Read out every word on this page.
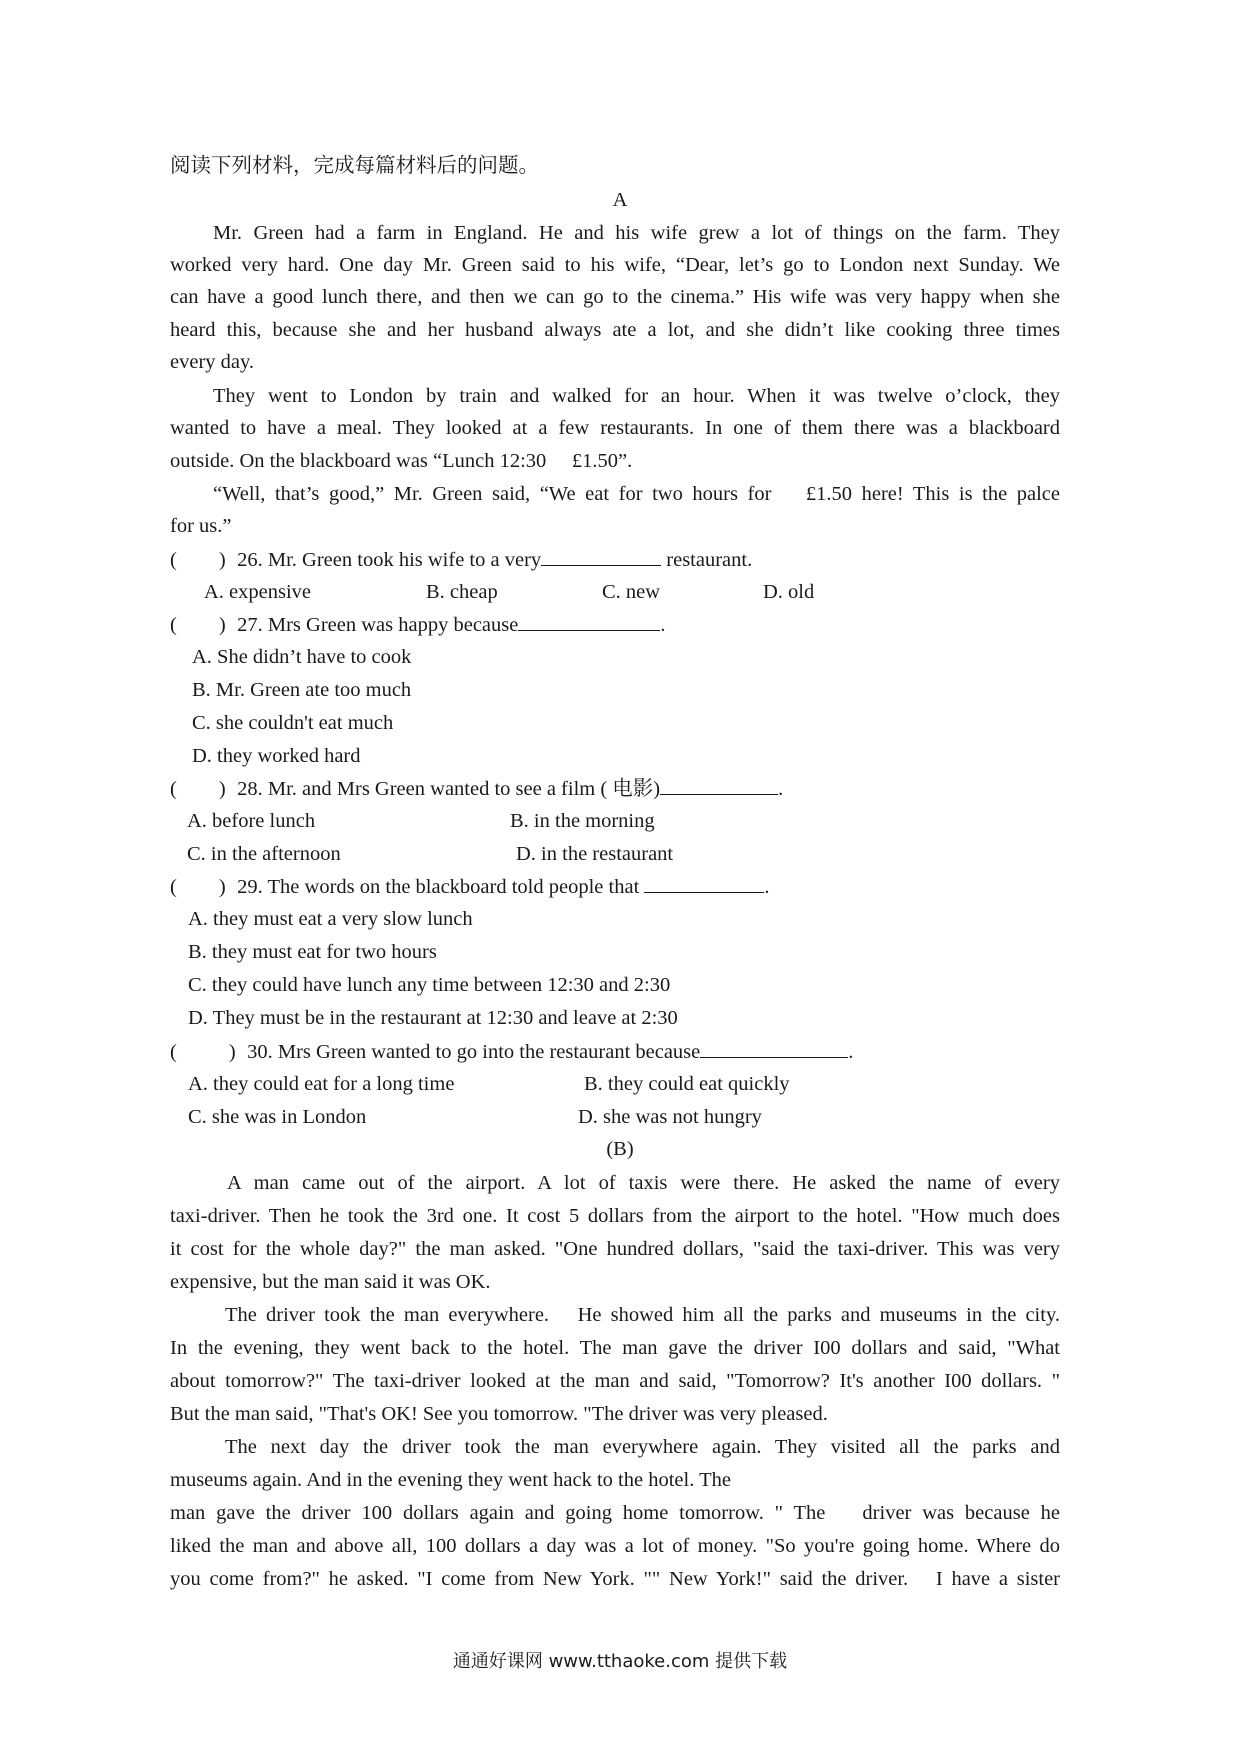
阅读下列材料，完成每篇材料后的问题。
A
Mr. Green had a farm in England. He and his wife grew a lot of things on the farm. They
worked very hard. One day Mr. Green said to his wife, “Dear, let’s go to London next Sunday. We
can have a good lunch there, and then we can go to the cinema.” His wife was very happy when she
heard this, because she and her husband always ate a lot, and she didn’t like cooking three times
every day.
They went to London by train and walked for an hour. When it was twelve o’clock, they
wanted to have a meal. They looked at a few restaurants. In one of them there was a blackboard
outside. On the blackboard was “Lunch 12:30 　£1.50”.
“Well, that’s good,” Mr. Green said, “We eat for two hours for 　£1.50 here! This is the palce
for us.”
( ) 26. Mr. Green took his wife to a very	restaurant.
A. expensive	B. cheap	C. new	D. old
( ) 27. Mrs Green was happy because	.
A. She didn’t have to cook
B. Mr. Green ate too much
C. she couldn't eat much
D. they worked hard
( ) 28. Mr. and Mrs Green wanted to see a film ( 电影)	.
A. before lunch	B. in the morning
C. in the afternoon	D. in the restaurant
( ) 29. The words on the blackboard told people that	.
A. they must eat a very slow lunch
B. they must eat for two hours
C. they could have lunch any time between 12:30 and 2:30
D. They must be in the restaurant at 12:30 and leave at 2:30
(	) 30. Mrs Green wanted to go into the restaurant because	.
A. they could eat for a long time	B. they could eat quickly
C. she was in London	D. she was not hungry
(B)
A man came out of the airport. A lot of taxis were there. He asked the name of every
taxi-driver. Then he took the 3rd one. It cost 5 dollars from the airport to the hotel. "How much does
it cost for the whole day?" the man asked. "One hundred dollars, "said the taxi-driver. This was very
expensive, but the man said it was OK.
The driver took the man everywhere.　He showed him all the parks and museums in the city.
In the evening, they went back to the hotel. The man gave the driver I00 dollars and said, "What
about tomorrow?" The taxi-driver looked at the man and said, "Tomorrow? It's another I00 dollars. "
But the man said, "That's OK! See you tomorrow. "The driver was very pleased.
The next day the driver took the man everywhere again. They visited all the parks and
museums again. And in the evening they went hack to the hotel. The
man gave the driver 100 dollars again and going home tomorrow. " The 　driver was because he
liked the man and above all, 100 dollars a day was a lot of money. "So you're going home. Where do
you come from?" he asked. "I come from New York. "" New York!" said the driver.　I have a sister
通通好课网 www.tthaoke.com 提供下载
